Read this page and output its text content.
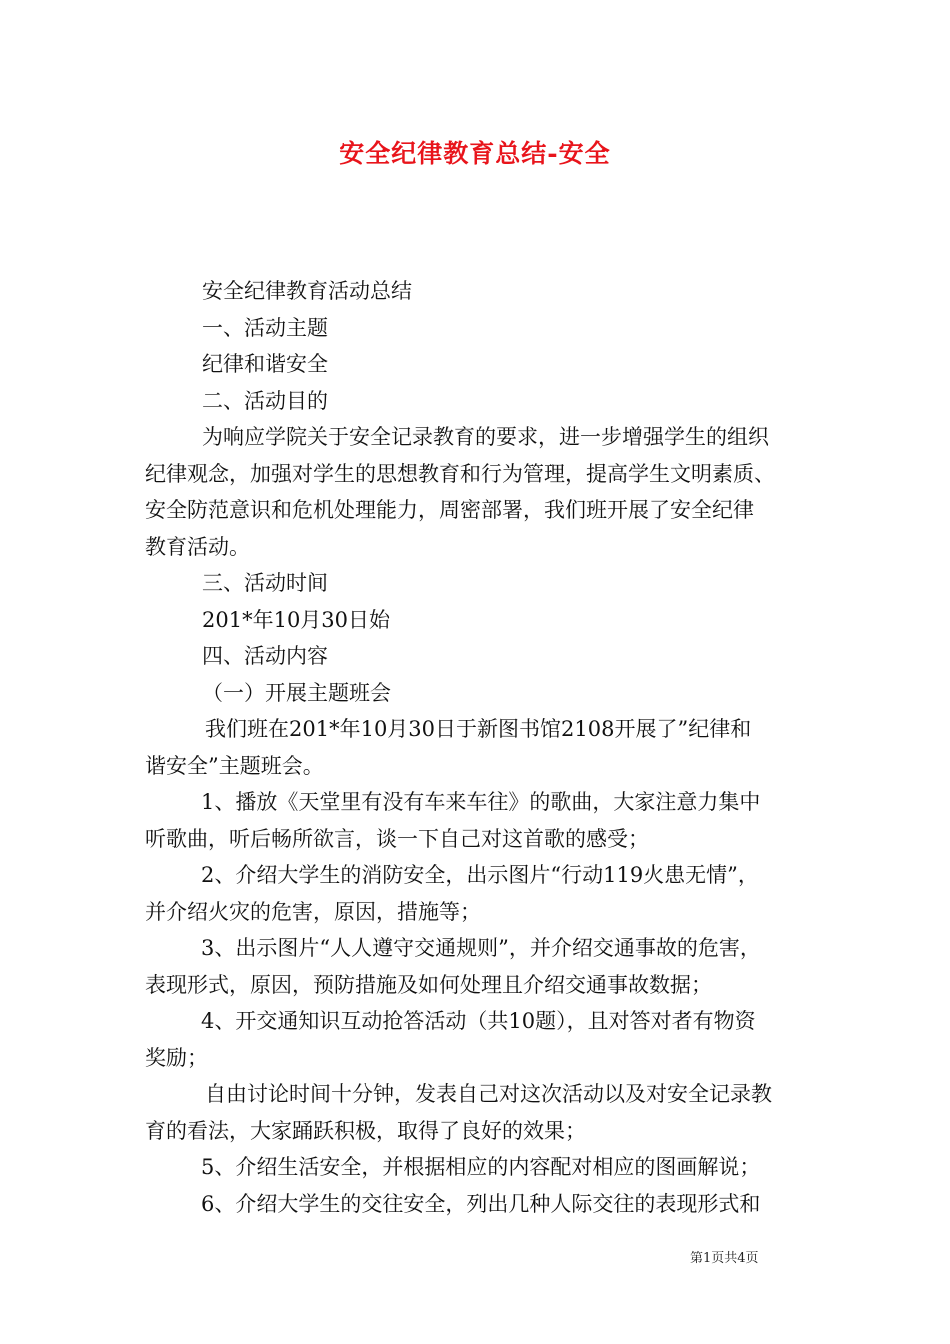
安全纪律教育总结-安全
安全纪律教育活动总结
一、活动主题
纪律和谐安全
二、活动目的
为响应学院关于安全记录教育的要求，进一步增强学生的组织
纪律观念，加强对学生的思想教育和行为管理，提高学生文明素质、
安全防范意识和危机处理能力，周密部署，我们班开展了安全纪律
教育活动。
三、活动时间
201*年10月30日始
四、活动内容
（一）开展主题班会
我们班在201*年10月30日于新图书馆2108开展了”纪律和
谐安全”主题班会。
1、播放《天堂里有没有车来车往》的歌曲，大家注意力集中
听歌曲，听后畅所欲言，谈一下自己对这首歌的感受；
2、介绍大学生的消防安全，出示图片“行动119火患无情”，
并介绍火灾的危害，原因，措施等；
3、出示图片“人人遵守交通规则”，并介绍交通事故的危害，
表现形式，原因，预防措施及如何处理且介绍交通事故数据；
4、开交通知识互动抢答活动（共10题），且对答对者有物资
奖励；
自由讨论时间十分钟，发表自己对这次活动以及对安全记录教
育的看法，大家踊跃积极，取得了良好的效果；
5、介绍生活安全，并根据相应的内容配对相应的图画解说；
6、介绍大学生的交往安全，列出几种人际交往的表现形式和
第1页共4页
